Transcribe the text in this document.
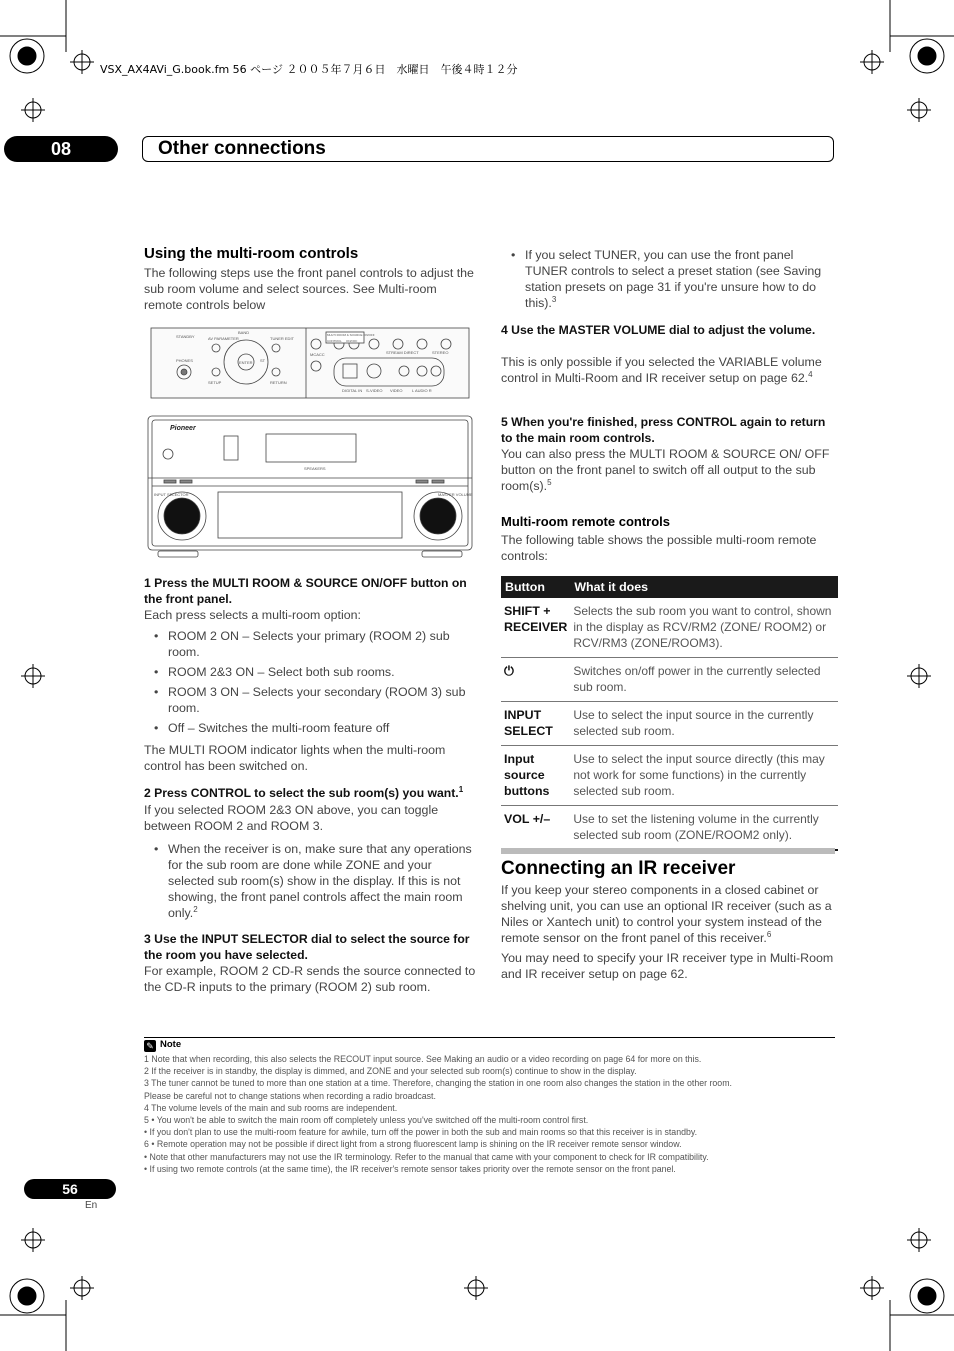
VSX_AX4AVi_G.book.fm 56 ページ ２００５年７月６日　水曜日　午後４時１２分
08	Other connections
Using the multi-room controls

The following steps use the front panel controls to adjust the sub room volume and select sources. See Multi-room remote controls below

Pioneer
STANDBY
PHONES
AV PARAMETER
SETUP
TUNER EDIT
RETURN
BAND
ENTER ST
MCACC
MULTI ROOM & SOURCE ON/OFF
CONTROL ON/OFF
STREAM DIRECT	STEREO
DIGITAL IN S-VIDEO VIDEO L AUDIO R
INPUT SELECTOR	MASTER VOLUME
SPEAKERS

1 Press the MULTI ROOM & SOURCE ON/OFF button on the front panel.

Each press selects a multi-room option:

• ROOM 2 ON – Selects your primary (ROOM 2) sub room.
• ROOM 2&3 ON – Select both sub rooms.
• ROOM 3 ON – Selects your secondary (ROOM 3) sub room.
• Off – Switches the multi-room feature off

The MULTI ROOM indicator lights when the multi-room control has been switched on.

2 Press CONTROL to select the sub room(s) you want.$^1$

If you selected ROOM 2&3 ON above, you can toggle between ROOM 2 and ROOM 3.

• When the receiver is on, make sure that any operations for the sub room are done while ZONE and your selected sub room(s) show in the display. If this is not showing, the front panel controls affect the main room only.$^2$

3 Use the INPUT SELECTOR dial to select the source for the room you have selected.

For example, ROOM 2 CD-R sends the source connected to the CD-R inputs to the primary (ROOM 2) sub room.

• If you select TUNER, you can use the front panel TUNER controls to select a preset station (see Saving station presets on page 31 if you're unsure how to do this).$^3$

4 Use the MASTER VOLUME dial to adjust the volume.

This is only possible if you selected the VARIABLE volume control in Multi-Room and IR receiver setup on page 62.$^4$

5 When you're finished, press CONTROL again to return to the main room controls.

You can also press the MULTI ROOM & SOURCE ON/ OFF button on the front panel to switch off all output to the sub room(s).$^5$

Multi-room remote controls

The following table shows the possible multi-room remote controls:

Button	What it does
SHIFT + RECEIVER	Selects the sub room you want to control, shown in the display as RCV/RM2 (ZONE/ ROOM2) or RCV/RM3 (ZONE/ROOM3).
⏻	Switches on/off power in the currently selected sub room.
INPUT SELECT	Use to select the input source in the currently selected sub room.
Input source buttons	Use to select the input source directly (this may not work for some functions) in the currently selected sub room.
VOL +/–	Use to set the listening volume in the currently selected sub room (ZONE/ROOM2 only).
Connecting an IR receiver

If you keep your stereo components in a closed cabinet or shelving unit, you can use an optional IR receiver (such as a Niles or Xantech unit) to control your system instead of the remote sensor on the front panel of this receiver.$^6$

You may need to specify your IR receiver type in Multi-Room and IR receiver setup on page 62.

✎ Note
1 Note that when recording, this also selects the RECOUT input source. See Making an audio or a video recording on page 64 for more on this.
2 If the receiver is in standby, the display is dimmed, and ZONE and your selected sub room(s) continue to show in the display.
3 The tuner cannot be tuned to more than one station at a time. Therefore, changing the station in one room also changes the station in the other room.
Please be careful not to change stations when recording a radio broadcast.
4 The volume levels of the main and sub rooms are independent.
5 • You won't be able to switch the main room off completely unless you've switched off the multi-room control first.
• If you don't plan to use the multi-room feature for awhile, turn off the power in both the sub and main rooms so that this receiver is in standby.
6 • Remote operation may not be possible if direct light from a strong fluorescent lamp is shining on the IR receiver remote sensor window.
• Note that other manufacturers may not use the IR terminology. Refer to the manual that came with your component to check for IR compatibility.
• If using two remote controls (at the same time), the IR receiver's remote sensor takes priority over the remote sensor on the front panel.
56
En
